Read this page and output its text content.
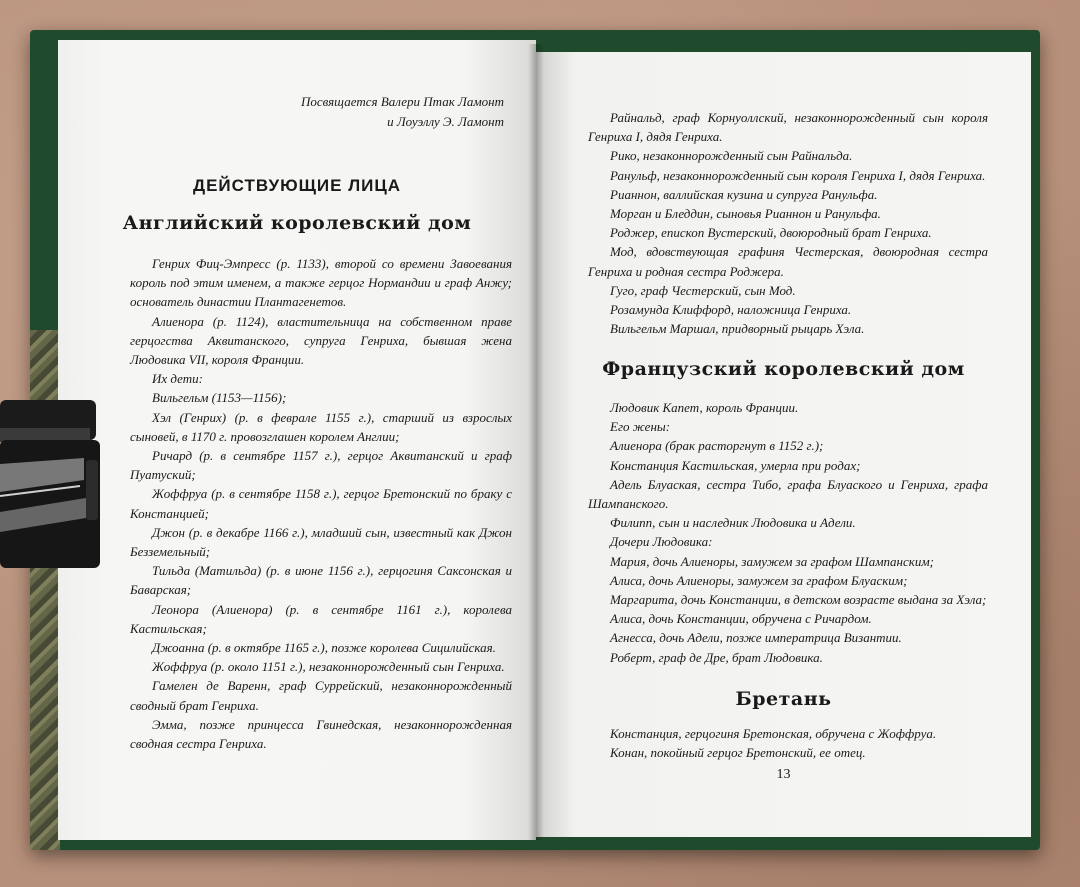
Посвящается Валери Птак Ламонт
и Лоуэллу Э. Ламонт
ДЕЙСТВУЮЩИЕ ЛИЦА
Английский королевский дом

Генрих Фиц-Эмпресс (р. 1133), второй со времени Завоевания король под этим именем, а также герцог Нормандии и граф Анжу; основатель династии Плантагенетов.

Алиенора (р. 1124), властительница на собственном праве герцогства Аквитанского, супруга Генриха, бывшая жена Людовика VII, короля Франции.

Их дети:

Вильгельм (1153—1156);

Хэл (Генрих) (р. в феврале 1155 г.), старший из взрослых сыновей, в 1170 г. провозглашен королем Англии;

Ричард (р. в сентябре 1157 г.), герцог Аквитанский и граф Пуатуский;

Жоффруа (р. в сентябре 1158 г.), герцог Бретонский по браку с Констанцией;

Джон (р. в декабре 1166 г.), младший сын, известный как Джон Безземельный;

Тильда (Матильда) (р. в июне 1156 г.), герцогиня Саксонская и Баварская;

Леонора (Алиенора) (р. в сентябре 1161 г.), королева Кастильская;

Джоанна (р. в октябре 1165 г.), позже королева Сицилийская.

Жоффруа (р. около 1151 г.), незаконнорожденный сын Генриха.

Гамелен де Варенн, граф Суррейский, незаконнорожденный сводный брат Генриха.

Эмма, позже принцесса Гвинедская, незаконнорожденная сводная сестра Генриха.

Райнальд, граф Корнуоллский, незаконнорожденный сын короля Генриха I, дядя Генриха.

Рико, незаконнорожденный сын Райнальда.

Ранульф, незаконнорожденный сын короля Генриха I, дядя Генриха.

Рианнон, валлийская кузина и супруга Ранульфа.

Морган и Бледдин, сыновья Рианнон и Ранульфа.

Роджер, епископ Вустерский, двоюродный брат Генриха.

Мод, вдовствующая графиня Честерская, двоюродная сестра Генриха и родная сестра Роджера.

Гуго, граф Честерский, сын Мод.

Розамунда Клиффорд, наложница Генриха.

Вильгельм Маршал, придворный рыцарь Хэла.

Французский королевский дом

Людовик Капет, король Франции.

Его жены:

Алиенора (брак расторгнут в 1152 г.);

Констанция Кастильская, умерла при родах;

Адель Блуаская, сестра Тибо, графа Блуаского и Генриха, графа Шампанского.

Филипп, сын и наследник Людовика и Адели.

Дочери Людовика:

Мария, дочь Алиеноры, замужем за графом Шампанским;

Алиса, дочь Алиеноры, замужем за графом Блуаским;

Маргарита, дочь Констанции, в детском возрасте выдана за Хэла;

Алиса, дочь Констанции, обручена с Ричардом.

Агнесса, дочь Адели, позже императрица Византии.

Роберт, граф де Дре, брат Людовика.

Бретань

Констанция, герцогиня Бретонская, обручена с Жоффруа.

Конан, покойный герцог Бретонский, ее отец.

13
